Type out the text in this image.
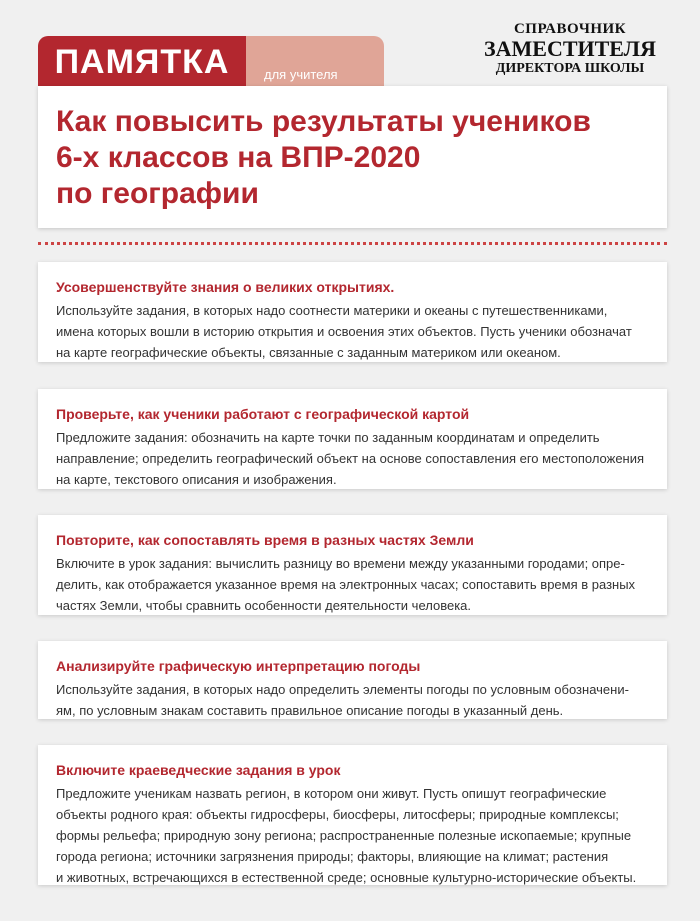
ПАМЯТКА	для учителя
СПРАВОЧНИК
ЗАМЕСТИТЕЛЯ
ДИРЕКТОРА ШКОЛЫ
Как повысить результаты учеников
6-х классов на ВПР-2020
по географии
Усовершенствуйте знания о великих открытиях.

Используйте задания, в которых надо соотнести материки и океаны с путешественниками,
имена которых вошли в историю открытия и освоения этих объектов. Пусть ученики обозначат
на карте географические объекты, связанные с заданным материком или океаном.

Проверьте, как ученики работают с географической картой

Предложите задания: обозначить на карте точки по заданным координатам и определить
направление; определить географический объект на основе сопоставления его местоположения
на карте, текстового описания и изображения.

Повторите, как сопоставлять время в разных частях Земли

Включите в урок задания: вычислить разницу во времени между указанными городами; опре-
делить, как отображается указанное время на электронных часах; сопоставить время в разных
частях Земли, чтобы сравнить особенности деятельности человека.

Анализируйте графическую интерпретацию погоды

Используйте задания, в которых надо определить элементы погоды по условным обозначени-
ям, по условным знакам составить правильное описание погоды в указанный день.

Включите краеведческие задания в урок

Предложите ученикам назвать регион, в котором они живут. Пусть опишут географические
объекты родного края: объекты гидросферы, биосферы, литосферы; природные комплексы;
формы рельефа; природную зону региона; распространенные полезные ископаемые; крупные
города региона; источники загрязнения природы; факторы, влияющие на климат; растения
и животных, встречающихся в естественной среде; основные культурно-исторические объекты.
